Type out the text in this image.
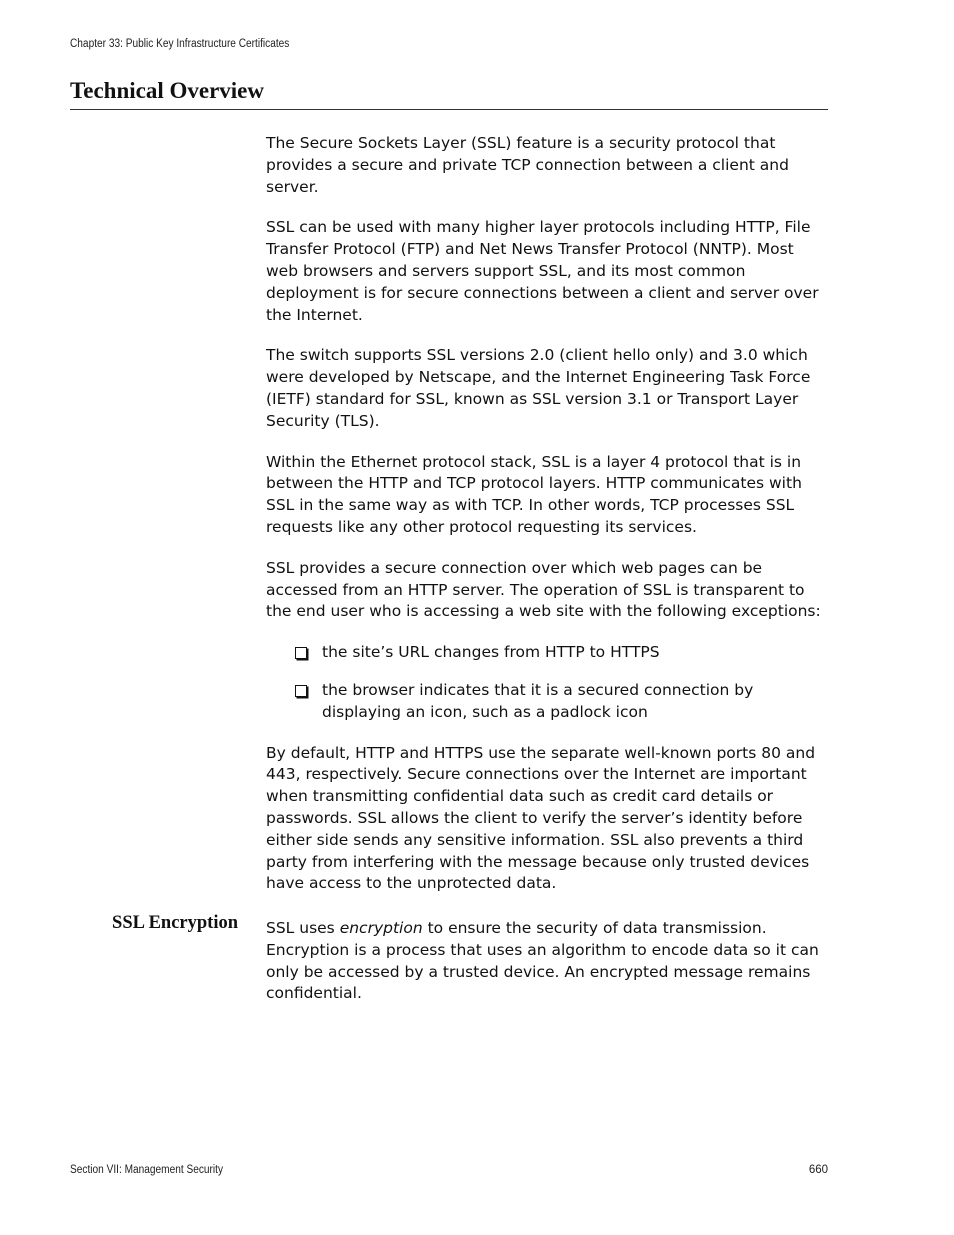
Chapter 33: Public Key Infrastructure Certificates
Technical Overview

The Secure Sockets Layer (SSL) feature is a security protocol that provides a secure and private TCP connection between a client and server.

SSL can be used with many higher layer protocols including HTTP, File Transfer Protocol (FTP) and Net News Transfer Protocol (NNTP). Most web browsers and servers support SSL, and its most common deployment is for secure connections between a client and server over the Internet.

The switch supports SSL versions 2.0 (client hello only) and 3.0 which were developed by Netscape, and the Internet Engineering Task Force (IETF) standard for SSL, known as SSL version 3.1 or Transport Layer Security (TLS).

Within the Ethernet protocol stack, SSL is a layer 4 protocol that is in between the HTTP and TCP protocol layers. HTTP communicates with SSL in the same way as with TCP. In other words, TCP processes SSL requests like any other protocol requesting its services.

SSL provides a secure connection over which web pages can be accessed from an HTTP server. The operation of SSL is transparent to the end user who is accessing a web site with the following exceptions:

the site’s URL changes from HTTP to HTTPS
the browser indicates that it is a secured connection by displaying an icon, such as a padlock icon

By default, HTTP and HTTPS use the separate well-known ports 80 and 443, respectively. Secure connections over the Internet are important when transmitting confidential data such as credit card details or passwords. SSL allows the client to verify the server’s identity before either side sends any sensitive information. SSL also prevents a third party from interfering with the message because only trusted devices have access to the unprotected data.

SSL Encryption SSL uses encryption to ensure the security of data transmission. Encryption is a process that uses an algorithm to encode data so it can only be accessed by a trusted device. An encrypted message remains confidential.

Section VII: Management Security	660
